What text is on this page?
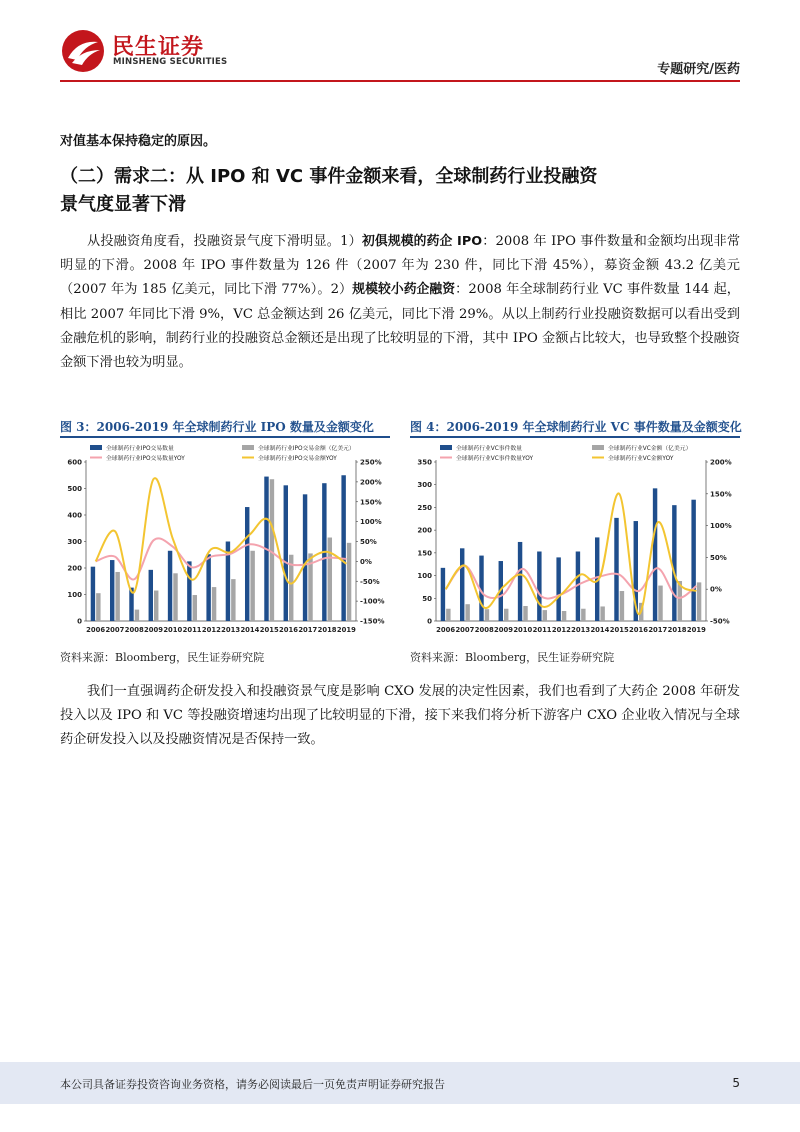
民生证券
MINSHENG SECURITIES	专题研究/医药
对值基本保持稳定的原因。
（二）需求二：从 IPO 和 VC 事件金额来看，全球制药行业投融资
景气度显著下滑
从投融资角度看，投融资景气度下滑明显。1）初俱规模的药企 IPO：2008 年 IPO 事件数量和金额均出现非常明显的下滑。2008 年 IPO 事件数量为 126 件（2007 年为 230 件，同比下滑 45%），募资金额 43.2 亿美元（2007 年为 185 亿美元，同比下滑 77%）。2）规模较小药企融资：2008 年全球制药行业 VC 事件数量 144 起，相比 2007 年同比下滑 9%，VC 总金额达到 26 亿美元，同比下滑 29%。从以上制药行业投融资数据可以看出受到金融危机的影响，制药行业的投融资总金额还是出现了比较明显的下滑，其中 IPO 金额占比较大，也导致整个投融资金额下滑也较为明显。
图 3：2006-2019 年全球制药行业 IPO 数量及金额变化
全球制药行业IPO交易数量	全球制药行业IPO交易金额（亿美元）
全球制药行业IPO交易数量YOY	全球制药行业IPO交易金额YOY
0
100
200
300
400
500
600
-150%
-100%
-50%
0%
50%
100%
150%
200%
250%
2006 2007 2008 2009 2010 2011 2012 2013 2014 2015 2016 2017 2018 2019
资料来源：Bloomberg，民生证券研究院
图 4：2006-2019 年全球制药行业 VC 事件数量及金额变化
全球制药行业VC事件数量	全球制药行业VC金额（亿美元）
全球制药行业VC事件数量YOY	全球制药行业VC金额YOY
0
50
100
150
200
250
300
350
-50%
0%
50%
100%
150%
200%
2006 2007 2008 2009 2010 2011 2012 2013 2014 2015 2016 2017 2018 2019
资料来源：Bloomberg，民生证券研究院
我们一直强调药企研发投入和投融资景气度是影响 CXO 发展的决定性因素，我们也看到了大药企 2008 年研发投入以及 IPO 和 VC 等投融资增速均出现了比较明显的下滑，接下来我们将分析下游客户 CXO 企业收入情况与全球药企研发投入以及投融资情况是否保持一致。
本公司具备证券投资咨询业务资格，请务必阅读最后一页免责声明证券研究报告	5
